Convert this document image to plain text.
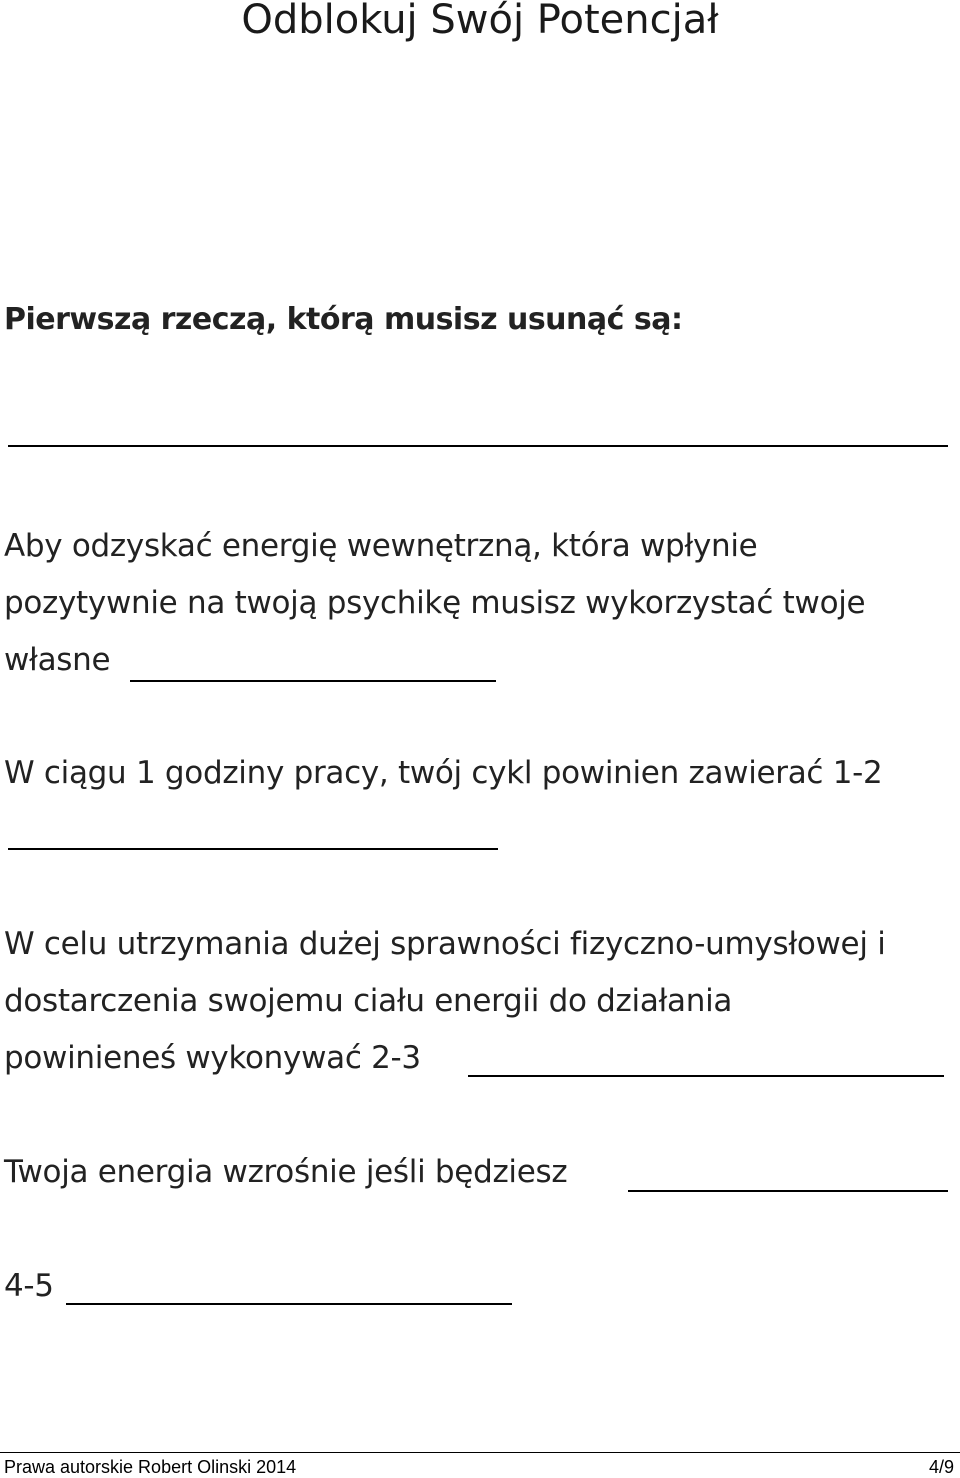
Odblokuj Swój Potencjał
Pierwszą rzeczą, którą musisz usunąć są:
Aby odzyskać energię wewnętrzną, która wpłynie
pozytywnie na twoją psychikę musisz wykorzystać twoje
własne
W ciągu 1 godziny pracy, twój cykl powinien zawierać 1-2
W celu utrzymania dużej sprawności fizyczno-umysłowej i
dostarczenia swojemu ciału energii do działania
powinieneś wykonywać 2-3
Twoja energia wzrośnie jeśli będziesz
4-5
Prawa autorskie Robert Olinski 2014	4/9
